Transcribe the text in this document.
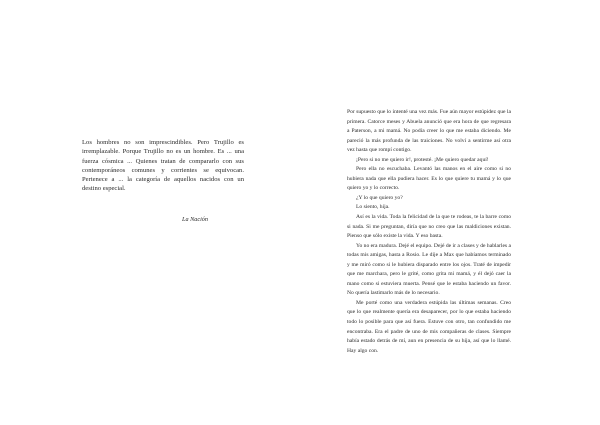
Los hombres no son imprescindibles. Pero Trujillo es irremplazable. Porque Trujillo no es un hombre. Es ... una fuerza cósmica ... Quienes tratan de compararlo con sus contemporáneos comunes y corrientes se equivocan. Pertenece a ... la categoría de aquellos nacidos con un destino especial.

La Nación

Por supuesto que lo intenté una vez más. Fue aún mayor estúpidez que la primera. Catorce meses y Abuela anunció que era hora de que regresara a Paterson, a mi mamá. No podía creer lo que me estaba diciendo. Me pareció la más profunda de las traiciones. No volví a sentirme así otra vez hasta que rompí contigo.

¡Pero si no me quiero ir!, protesté. ¡Me quiero quedar aquí!

Pero ella no escuchaba. Levantó las manos en el aire como si no hubiera nada que ella pudiera hacer. Es lo que quiere tu mamá y lo que quiero yo y lo correcto.

¿Y lo que quiero yo?

Lo siento, hija.

Así es la vida. Toda la felicidad de la que te rodeas, te la barre como si nada. Si me preguntan, diría que no creo que las maldiciones existan. Pienso que sólo existe la vida. Y eso basta.

Yo no era madura. Dejé el equipo. Dejé de ir a clases y de hablarles a todas mis amigas, hasta a Rosio. Le dije a Max que habíamos terminado y me miró como si le hubiera disparado entre los ojos. Traté de impedir que me marchara, pero le grité, como grita mi mamá, y él dejó caer la mano como si estuviera muerta. Pensé que le estaba haciendo un favor. No quería lastimarlo más de lo necesario.

Me porté como una verdadera estúpida las últimas semanas. Creo que lo que realmente quería era desaparecer, por lo que estaba haciendo todo lo posible para que así fuera. Estuve con otro, tan confundido me encontraba. Era el padre de uno de mis compañeras de clases. Siempre había estado detrás de mí, aun en presencia de su hija, así que lo llamé. Hay algo con.
